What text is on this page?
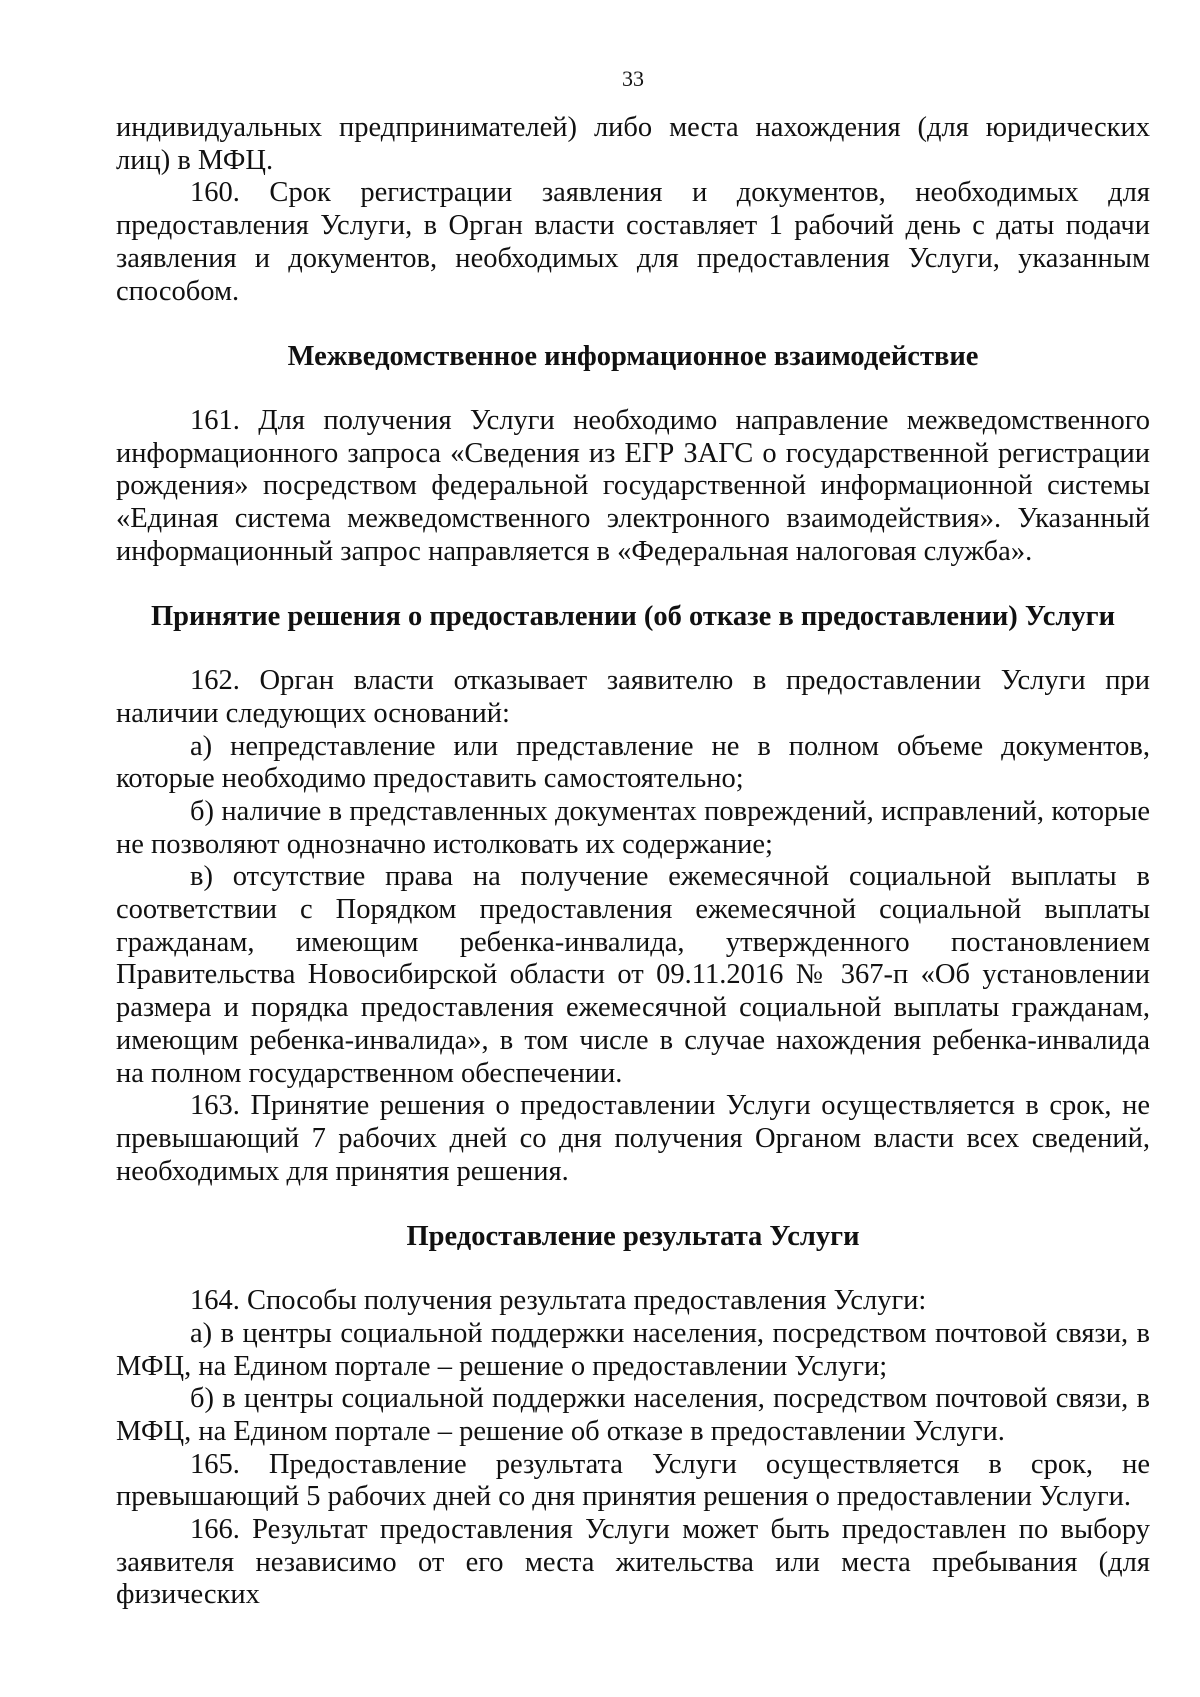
33

индивидуальных предпринимателей) либо места нахождения (для юридических лиц) в МФЦ.

160. Срок регистрации заявления и документов, необходимых для предоставления Услуги, в Орган власти составляет 1 рабочий день с даты подачи заявления и документов, необходимых для предоставления Услуги, указанным способом.

Межведомственное информационное взаимодействие

161. Для получения Услуги необходимо направление межведомственного информационного запроса «Сведения из ЕГР ЗАГС о государственной регистрации рождения» посредством федеральной государственной информационной системы «Единая система межведомственного электронного взаимодействия». Указанный информационный запрос направляется в «Федеральная налоговая служба».

Принятие решения о предоставлении (об отказе в предоставлении) Услуги

162. Орган власти отказывает заявителю в предоставлении Услуги при наличии следующих оснований:

а) непредставление или представление не в полном объеме документов, которые необходимо предоставить самостоятельно;

б) наличие в представленных документах повреждений, исправлений, которые не позволяют однозначно истолковать их содержание;

в) отсутствие права на получение ежемесячной социальной выплаты в соответствии с Порядком предоставления ежемесячной социальной выплаты гражданам, имеющим ребенка-инвалида, утвержденного постановлением Правительства Новосибирской области от 09.11.2016 № 367-п «Об установлении размера и порядка предоставления ежемесячной социальной выплаты гражданам, имеющим ребенка-инвалида», в том числе в случае нахождения ребенка-инвалида на полном государственном обеспечении.

163. Принятие решения о предоставлении Услуги осуществляется в срок, не превышающий 7 рабочих дней со дня получения Органом власти всех сведений, необходимых для принятия решения.

Предоставление результата Услуги

164. Способы получения результата предоставления Услуги:

а) в центры социальной поддержки населения, посредством почтовой связи, в МФЦ, на Едином портале – решение о предоставлении Услуги;

б) в центры социальной поддержки населения, посредством почтовой связи, в МФЦ, на Едином портале – решение об отказе в предоставлении Услуги.

165. Предоставление результата Услуги осуществляется в срок, не превышающий 5 рабочих дней со дня принятия решения о предоставлении Услуги.

166. Результат предоставления Услуги может быть предоставлен по выбору заявителя независимо от его места жительства или места пребывания (для физических
